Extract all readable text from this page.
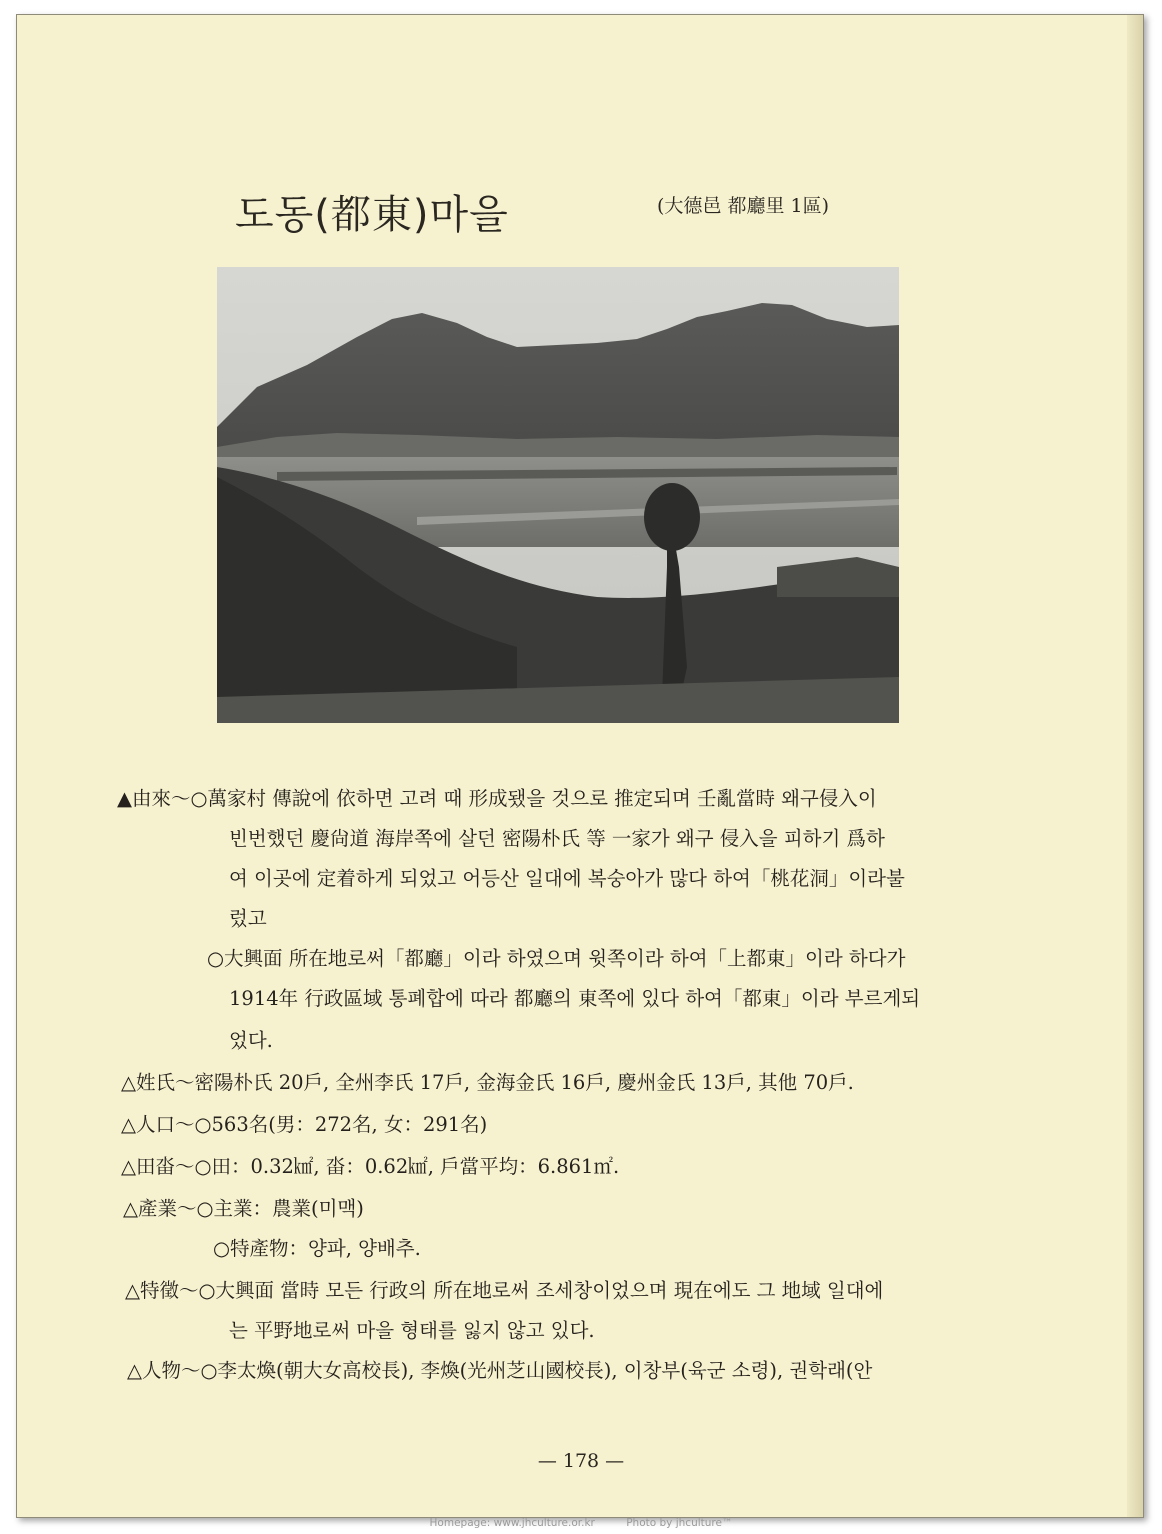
도동(都東)마을	(大德邑 都廳里 1區)
▲由來～○萬家村 傳說에 依하면 고려 때 形成됐을 것으로 推定되며 壬亂當時 왜구侵入이
빈번했던 慶尙道 海岸쪽에 살던 密陽朴氏 等 一家가 왜구 侵入을 피하기 爲하
여 이곳에 定着하게 되었고 어등산 일대에 복숭아가 많다 하여「桃花洞」이라불
렀고
○大興面 所在地로써「都廳」이라 하였으며 윗쪽이라 하여「上都東」이라 하다가
1914年 行政區域 통폐합에 따라 都廳의 東쪽에 있다 하여「都東」이라 부르게되
었다.
△姓氏～密陽朴氏 20戶, 全州李氏 17戶, 金海金氏 16戶, 慶州金氏 13戶, 其他 70戶.
△人口～○563名(男：272名, 女：291名)
△田畓～○田：0.32㎢, 畓：0.62㎢, 戶當平均：6.861㎡.
△產業～○主業：農業(미맥)
○特產物：양파, 양배추.
△特徵～○大興面 當時 모든 行政의 所在地로써 조세창이었으며 現在에도 그 地域 일대에
는 平野地로써 마을 형태를 잃지 않고 있다.
△人物～○李太煥(朝大女高校長), 李煥(光州芝山國校長), 이창부(육군 소령), 권학래(안
— 178 —
Homepage: www.jhculture.or.kr	Photo by jhculture™
